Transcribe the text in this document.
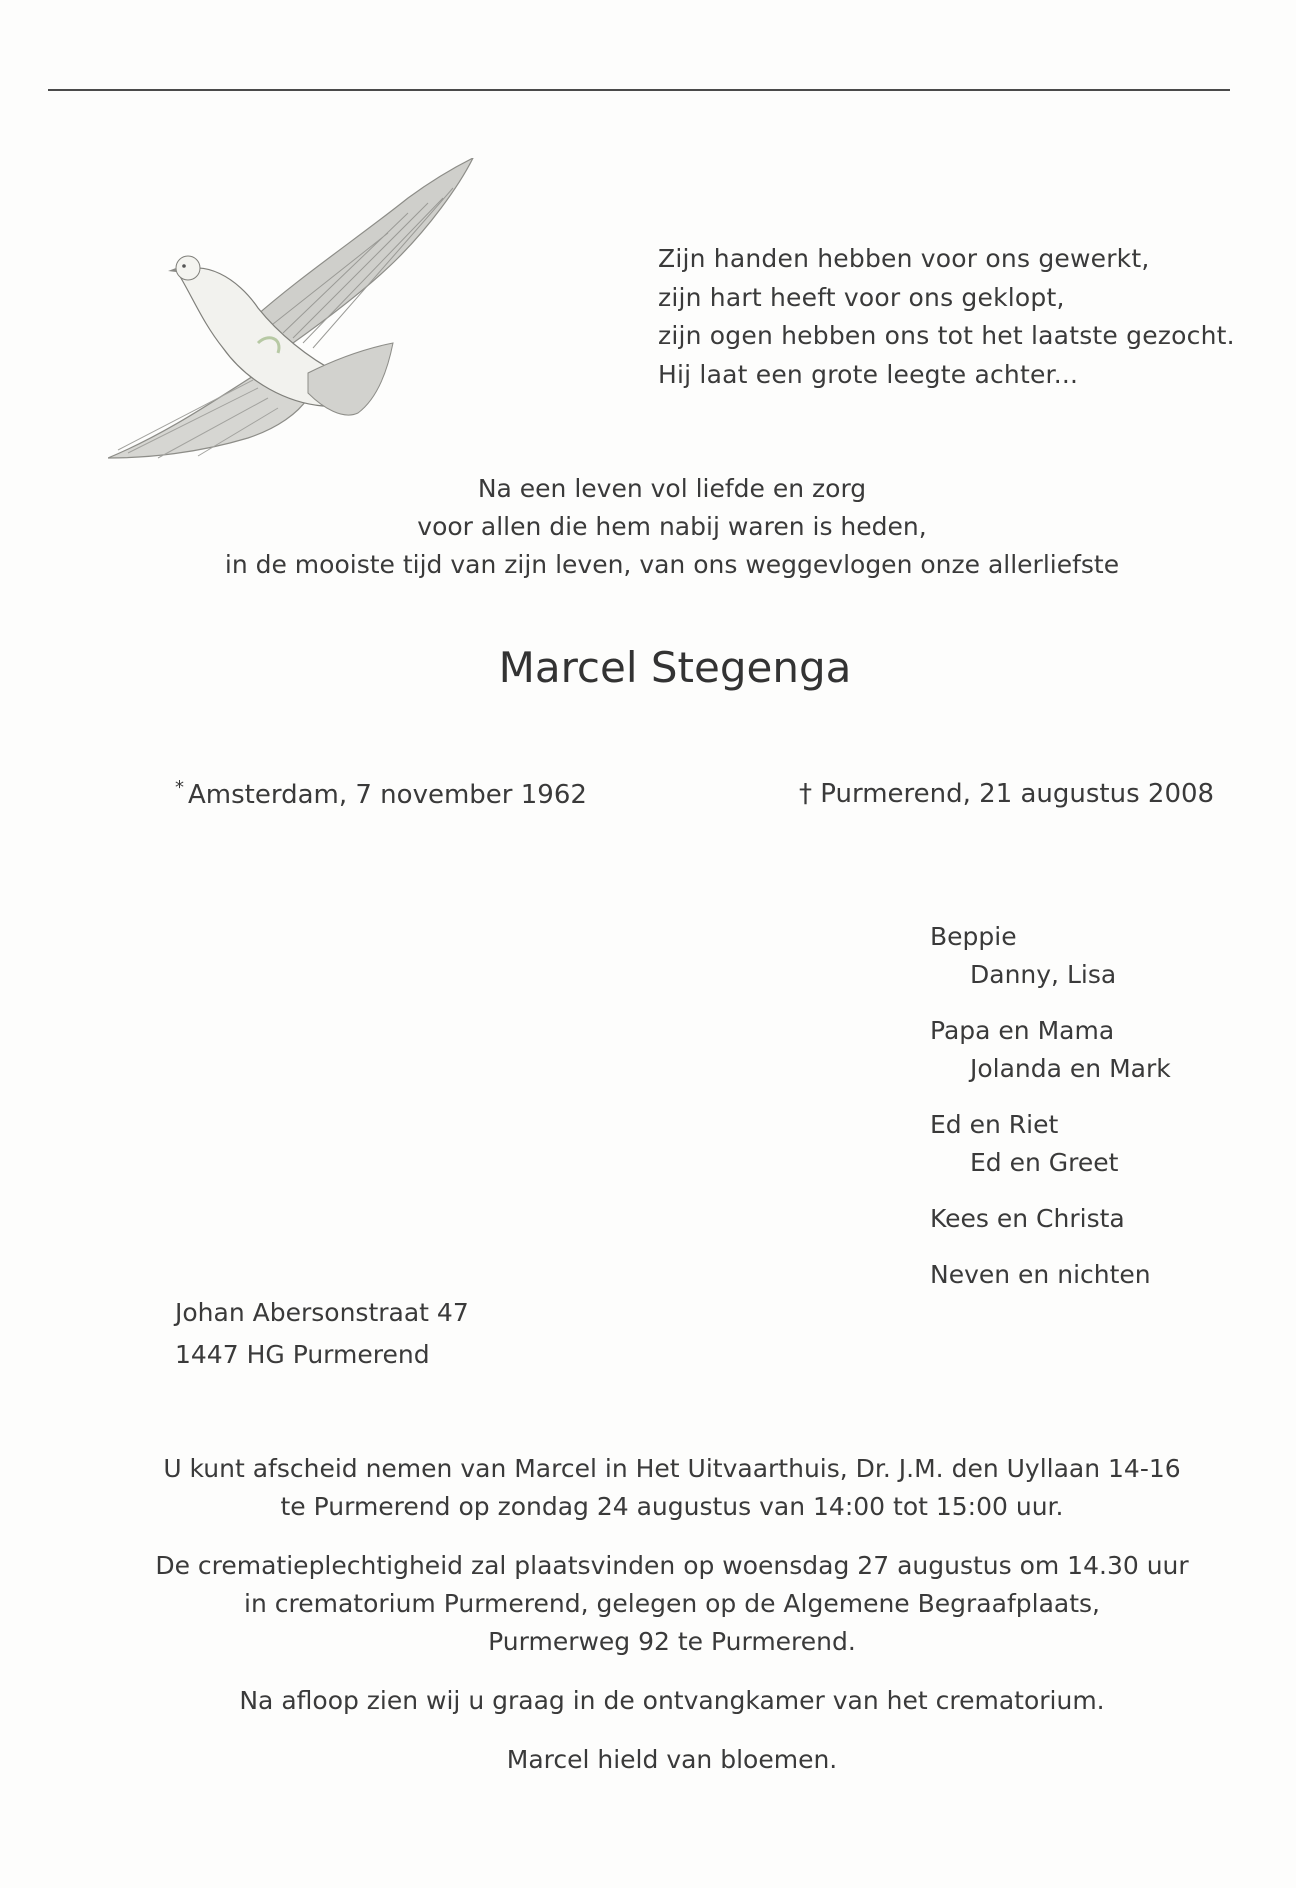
Zijn handen hebben voor ons gewerkt,
zijn hart heeft voor ons geklopt,
zijn ogen hebben ons tot het laatste gezocht.
Hij laat een grote leegte achter...
Na een leven vol liefde en zorg
voor allen die hem nabij waren is heden,
in de mooiste tijd van zijn leven, van ons weggevlogen onze allerliefste
Marcel Stegenga
* Amsterdam, 7 november 1962	† Purmerend, 21 augustus 2008
Beppie
Danny, Lisa
Papa en Mama
Jolanda en Mark
Ed en Riet
Ed en Greet
Kees en Christa
Neven en nichten
Johan Abersonstraat 47
1447 HG Purmerend

U kunt afscheid nemen van Marcel in Het Uitvaarthuis, Dr. J.M. den Uyllaan 14-16
te Purmerend op zondag 24 augustus van 14:00 tot 15:00 uur.

De crematieplechtigheid zal plaatsvinden op woensdag 27 augustus om 14.30 uur
in crematorium Purmerend, gelegen op de Algemene Begraafplaats,
Purmerweg 92 te Purmerend.

Na afloop zien wij u graag in de ontvangkamer van het crematorium.

Marcel hield van bloemen.
